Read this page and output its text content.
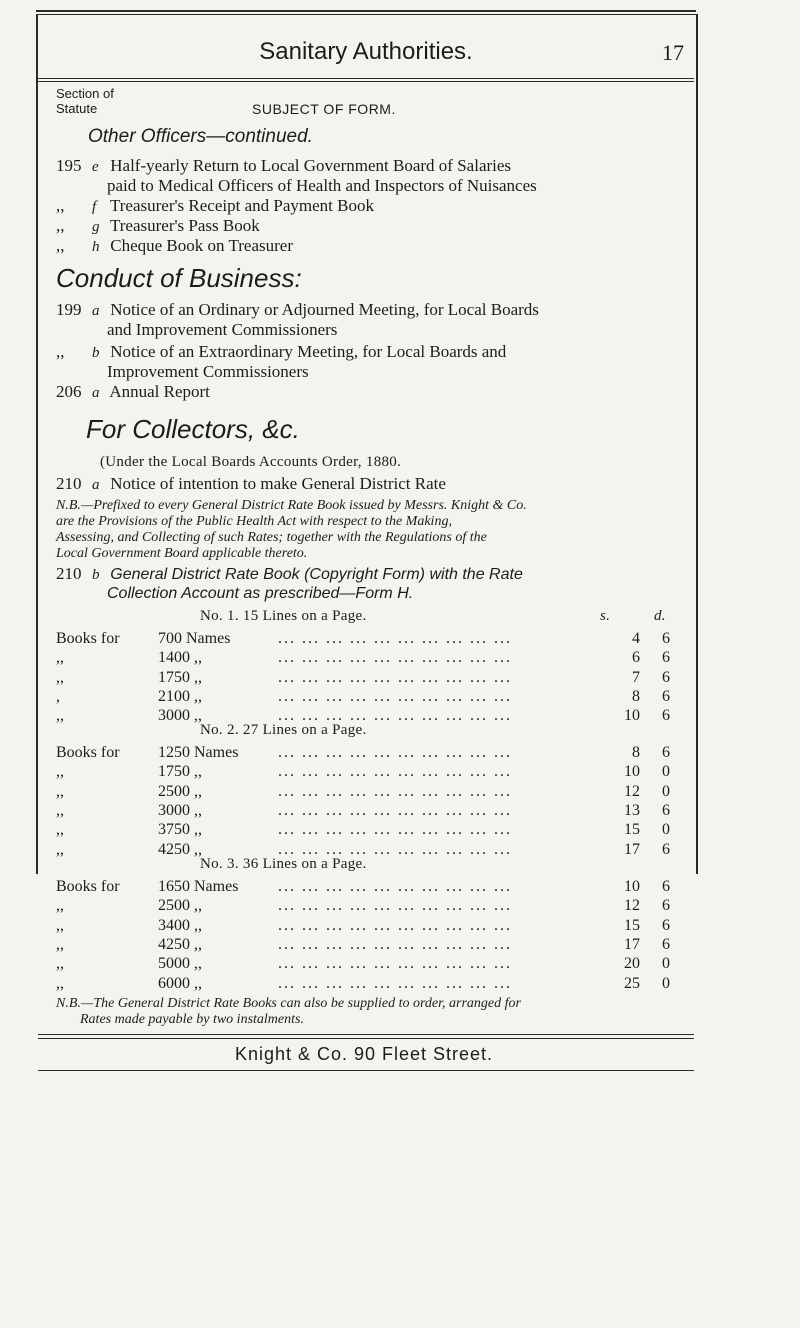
Sanitary Authorities.	17
Section of
Statute	SUBJECT OF FORM.
Other Officers—continued.
195 e Half-yearly Return to Local Government Board of Salaries
paid to Medical Officers of Health and Inspectors of Nuisances
,, f Treasurer's Receipt and Payment Book
,, g Treasurer's Pass Book
,, h Cheque Book on Treasurer
Conduct of Business:
199 a Notice of an Ordinary or Adjourned Meeting, for Local Boards
and Improvement Commissioners
,, b Notice of an Extraordinary Meeting, for Local Boards and
Improvement Commissioners
206 a Annual Report
For Collectors, &c.
(Under the Local Boards Accounts Order, 1880.
210 a Notice of intention to make General District Rate
N.B.—Prefixed to every General District Rate Book issued by Messrs. Knight & Co.
are the Provisions of the Public Health Act with respect to the Making,
Assessing, and Collecting of such Rates; together with the Regulations of the
Local Government Board applicable thereto.
210 b General District Rate Book (Copyright Form) with the Rate
Collection Account as prescribed—Form H.
s.	d.
No. 1. 15 Lines on a Page.
Books for 700 Names	... ... ... ... ... ... ... ... ... ...	4	6
,,	1400 ,,	... ... ... ... ... ... ... ... ... ...	6	6
,,	1750 ,,	... ... ... ... ... ... ... ... ... ...	7	6
,	2100 ,,	... ... ... ... ... ... ... ... ... ...	8	6
,,	3000 ,,	... ... ... ... ... ... ... ... ... ...	10	6
No. 2. 27 Lines on a Page.
Books for 1250 Names ... ... ... ... ... ... ... ... ... ...	8	6
,,	1750 ,,	... ... ... ... ... ... ... ... ... ...	10	0
,,	2500 ,,	... ... ... ... ... ... ... ... ... ...	12	0
,,	3000 ,,	... ... ... ... ... ... ... ... ... ...	13	6
,,	3750 ,,	... ... ... ... ... ... ... ... ... ...	15	0
,,	4250 ,,	... ... ... ... ... ... ... ... ... ...	17	6
No. 3. 36 Lines on a Page.
Books for 1650 Names ... ... ... ... ... ... ... ... ... ...	10	6
,,	2500 ,,	... ... ... ... ... ... ... ... ... ...	12	6
,,	3400 ,,	... ... ... ... ... ... ... ... ... ...	15	6
,,	4250 ,,	... ... ... ... ... ... ... ... ... ...	17	6
,,	5000 ,,	... ... ... ... ... ... ... ... ... ...	20	0
,,	6000 ,,	... ... ... ... ... ... ... ... ... ...	25	0
N.B.—The General District Rate Books can also be supplied to order, arranged for
Rates made payable by two instalments.
Knight & Co. 90 Fleet Street.
